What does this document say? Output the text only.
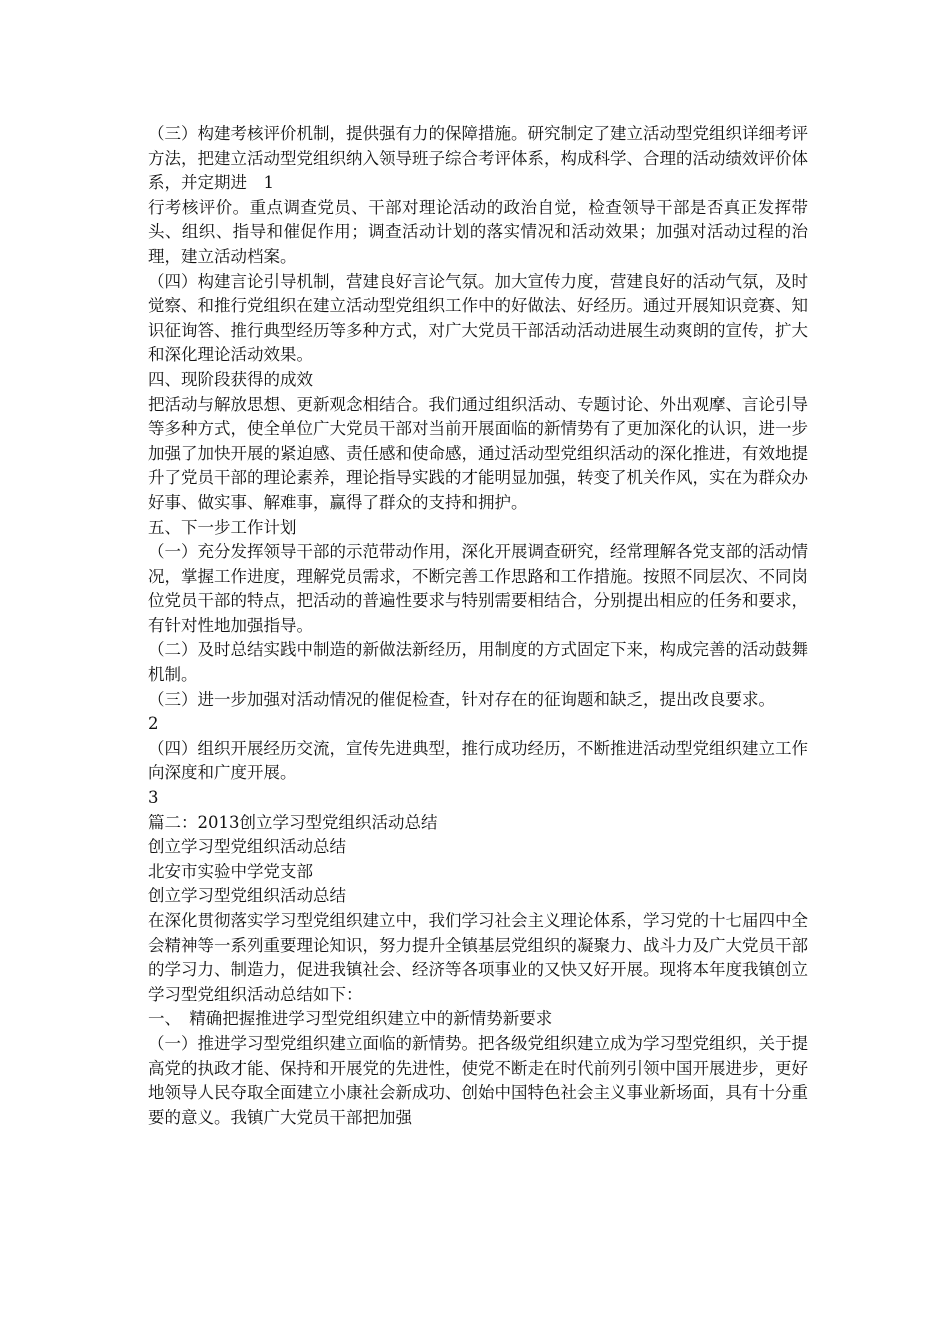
（三）构建考核评价机制，提供强有力的保障措施。研究制定了建立活动型党组织详细考评方法，把建立活动型党组织纳入领导班子综合考评体系，构成科学、合理的活动绩效评价体系，并定期进　1

行考核评价。重点调查党员、干部对理论活动的政治自觉，检查领导干部是否真正发挥带头、组织、指导和催促作用；调查活动计划的落实情况和活动效果；加强对活动过程的治理，建立活动档案。

（四）构建言论引导机制，营建良好言论气氛。加大宣传力度，营建良好的活动气氛，及时觉察、和推行党组织在建立活动型党组织工作中的好做法、好经历。通过开展知识竞赛、知识征询答、推行典型经历等多种方式，对广大党员干部活动活动进展生动爽朗的宣传，扩大和深化理论活动效果。

四、现阶段获得的成效

把活动与解放思想、更新观念相结合。我们通过组织活动、专题讨论、外出观摩、言论引导等多种方式，使全单位广大党员干部对当前开展面临的新情势有了更加深化的认识，进一步加强了加快开展的紧迫感、责任感和使命感，通过活动型党组织活动的深化推进，有效地提升了党员干部的理论素养，理论指导实践的才能明显加强，转变了机关作风，实在为群众办好事、做实事、解难事，赢得了群众的支持和拥护。

五、下一步工作计划

（一）充分发挥领导干部的示范带动作用，深化开展调查研究，经常理解各党支部的活动情况，掌握工作进度，理解党员需求，不断完善工作思路和工作措施。按照不同层次、不同岗位党员干部的特点，把活动的普遍性要求与特别需要相结合，分别提出相应的任务和要求，有针对性地加强指导。

（二）及时总结实践中制造的新做法新经历，用制度的方式固定下来，构成完善的活动鼓舞机制。

（三）进一步加强对活动情况的催促检查，针对存在的征询题和缺乏，提出改良要求。

2

（四）组织开展经历交流，宣传先进典型，推行成功经历，不断推进活动型党组织建立工作向深度和广度开展。

3

篇二：2013创立学习型党组织活动总结

创立学习型党组织活动总结

北安市实验中学党支部

创立学习型党组织活动总结

在深化贯彻落实学习型党组织建立中，我们学习社会主义理论体系，学习党的十七届四中全会精神等一系列重要理论知识，努力提升全镇基层党组织的凝聚力、战斗力及广大党员干部的学习力、制造力，促进我镇社会、经济等各项事业的又快又好开展。现将本年度我镇创立学习型党组织活动总结如下：

一、　精确把握推进学习型党组织建立中的新情势新要求

（一）推进学习型党组织建立面临的新情势。把各级党组织建立成为学习型党组织，关于提高党的执政才能、保持和开展党的先进性，使党不断走在时代前列引领中国开展进步，更好地领导人民夺取全面建立小康社会新成功、创始中国特色社会主义事业新场面，具有十分重要的意义。我镇广大党员干部把加强
